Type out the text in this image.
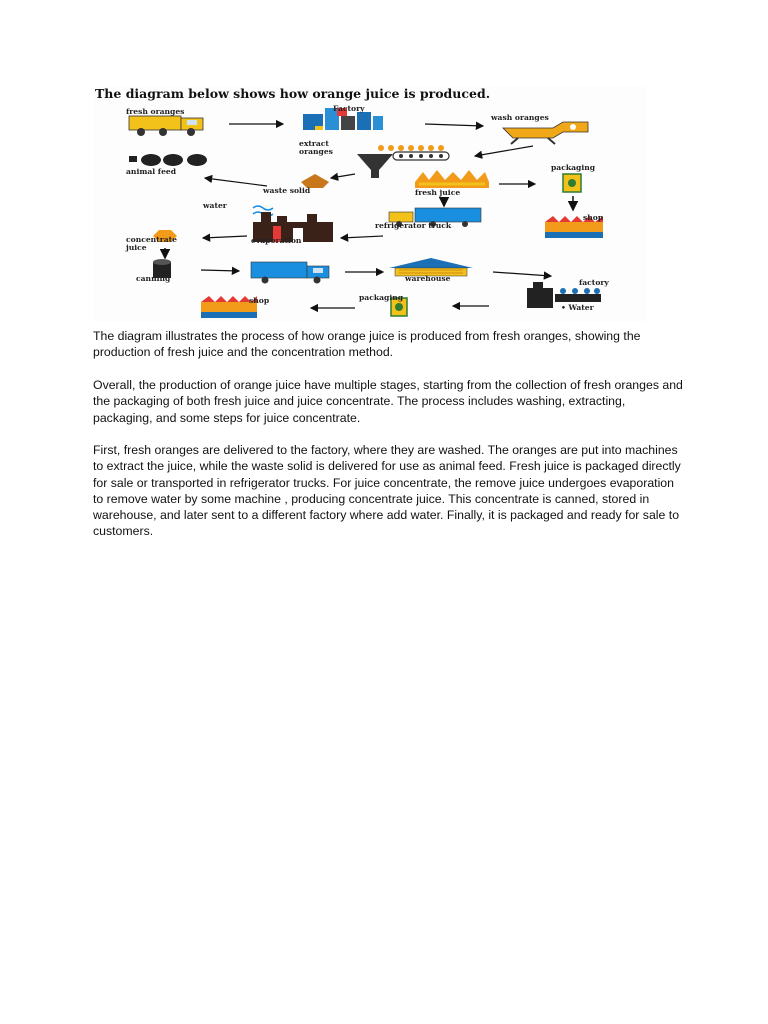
The diagram below shows how orange juice is produced.
fresh oranges	Factory
wash oranges
extract
oranges
animal feed
waste solid	fresh juice
packaging
water
refrigerator truck
shop
concentrate
juice
evaporation
canning	warehouse	factory
• Water
shop	packaging

The diagram illustrates the process of how orange juice is produced from fresh oranges, showing the production of fresh juice and the concentration method.

Overall, the production of orange juice have multiple stages, starting from the collection of fresh oranges and the packaging of both fresh juice and juice concentrate. The process includes washing, extracting, packaging, and some steps for juice concentrate.

First, fresh oranges are delivered to the factory, where they are washed. The oranges are put into machines to extract the juice, while the waste solid is delivered for use as animal feed. Fresh juice is packaged directly for sale or transported in refrigerator trucks. For juice concentrate, the remove juice undergoes evaporation to remove water by some machine , producing concentrate juice. This concentrate is canned, stored in warehouse, and later sent to a different factory where add water. Finally, it is packaged and ready for sale to customers.
